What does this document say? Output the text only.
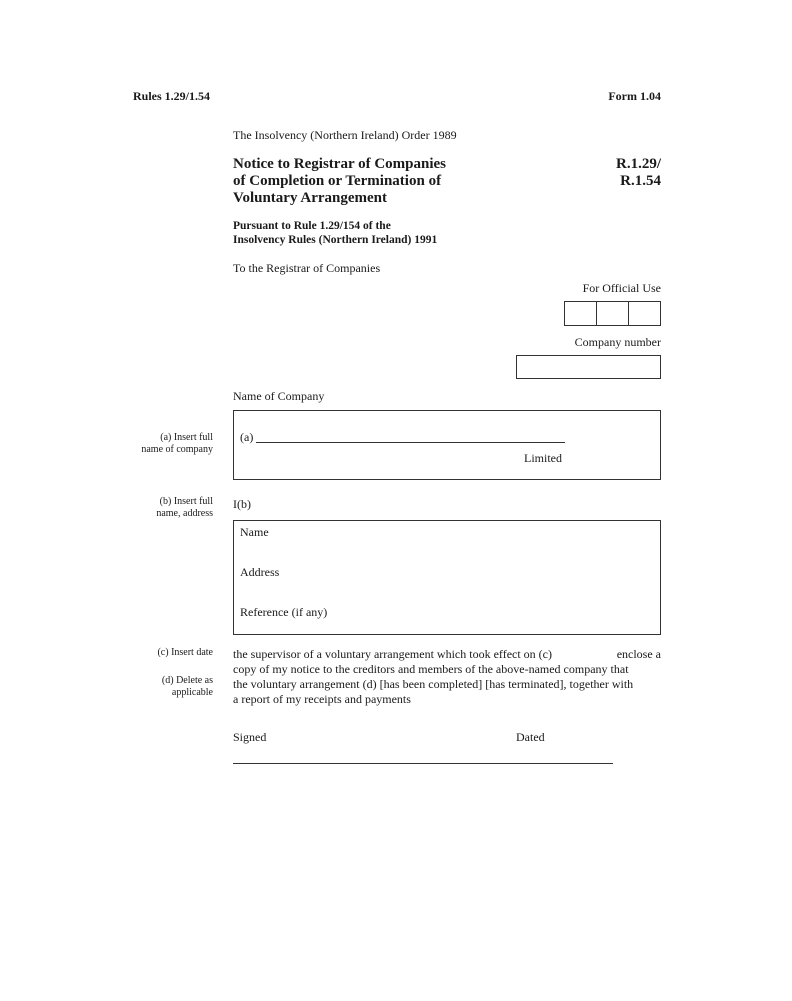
Rules 1.29/1.54	Form 1.04
The Insolvency (Northern Ireland) Order 1989
Notice to Registrar of Companies
of Completion or Termination of
Voluntary Arrangement
R.1.29/
R.1.54
Pursuant to Rule 1.29/154 of the
Insolvency Rules (Northern Ireland) 1991
To the Registrar of Companies
For Official Use
Company number
Name of Company
(a) Insert full
name of company
(b) Insert full
name, address
(c) Insert date
(d) Delete as
applicable
(a)
Limited
I(b)
Name
Address
Reference (if any)
the supervisor of a voluntary arrangement which took effect on (c)	enclose a
copy of my notice to the creditors and members of the above-named company that
the voluntary arrangement (d) [has been completed] [has terminated], together with
a report of my receipts and payments
Signed	Dated
